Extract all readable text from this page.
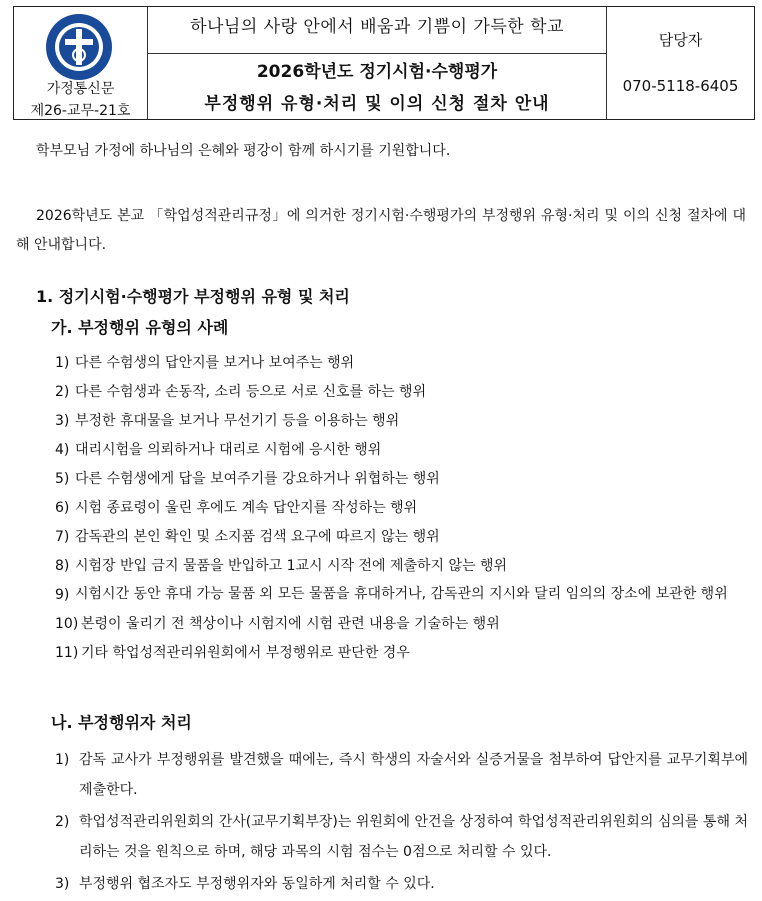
가정통신문
제26-교무-21호
하나님의 사랑 안에서 배움과 기쁨이 가득한 학교
2026학년도 정기시험·수행평가
부정행위 유형·처리 및 이의 신청 절차 안내
담당자
070-5118-6405

학부모님 가정에 하나님의 은혜와 평강이 함께 하시기를 기원합니다.

2026학년도 본교 「학업성적관리규정」에 의거한 정기시험·수행평가의 부정행위 유형·처리 및 이의 신청 절차에 대해 안내합니다.

1. 정기시험·수행평가 부정행위 유형 및 처리
가. 부정행위 유형의 사례
1) 다른 수험생의 답안지를 보거나 보여주는 행위
2) 다른 수험생과 손동작, 소리 등으로 서로 신호를 하는 행위
3) 부정한 휴대물을 보거나 무선기기 등을 이용하는 행위
4) 대리시험을 의뢰하거나 대리로 시험에 응시한 행위
5) 다른 수험생에게 답을 보여주기를 강요하거나 위협하는 행위
6) 시험 종료령이 울린 후에도 계속 답안지를 작성하는 행위
7) 감독관의 본인 확인 및 소지품 검색 요구에 따르지 않는 행위
8) 시험장 반입 금지 물품을 반입하고 1교시 시작 전에 제출하지 않는 행위
9) 시험시간 동안 휴대 가능 물품 외 모든 물품을 휴대하거나, 감독관의 지시와 달리 임의의 장소에 보관한 행위
10) 본령이 울리기 전 책상이나 시험지에 시험 관련 내용을 기술하는 행위
11) 기타 학업성적관리위원회에서 부정행위로 판단한 경우
나. 부정행위자 처리
1) 감독 교사가 부정행위를 발견했을 때에는, 즉시 학생의 자술서와 실증거물을 첨부하여 답안지를 교무기획부에 제출한다.
2) 학업성적관리위원회의 간사(교무기획부장)는 위원회에 안건을 상정하여 학업성적관리위원회의 심의를 통해 처리하는 것을 원칙으로 하며, 해당 과목의 시험 점수는 0점으로 처리할 수 있다.
3) 부정행위 협조자도 부정행위자와 동일하게 처리할 수 있다.
